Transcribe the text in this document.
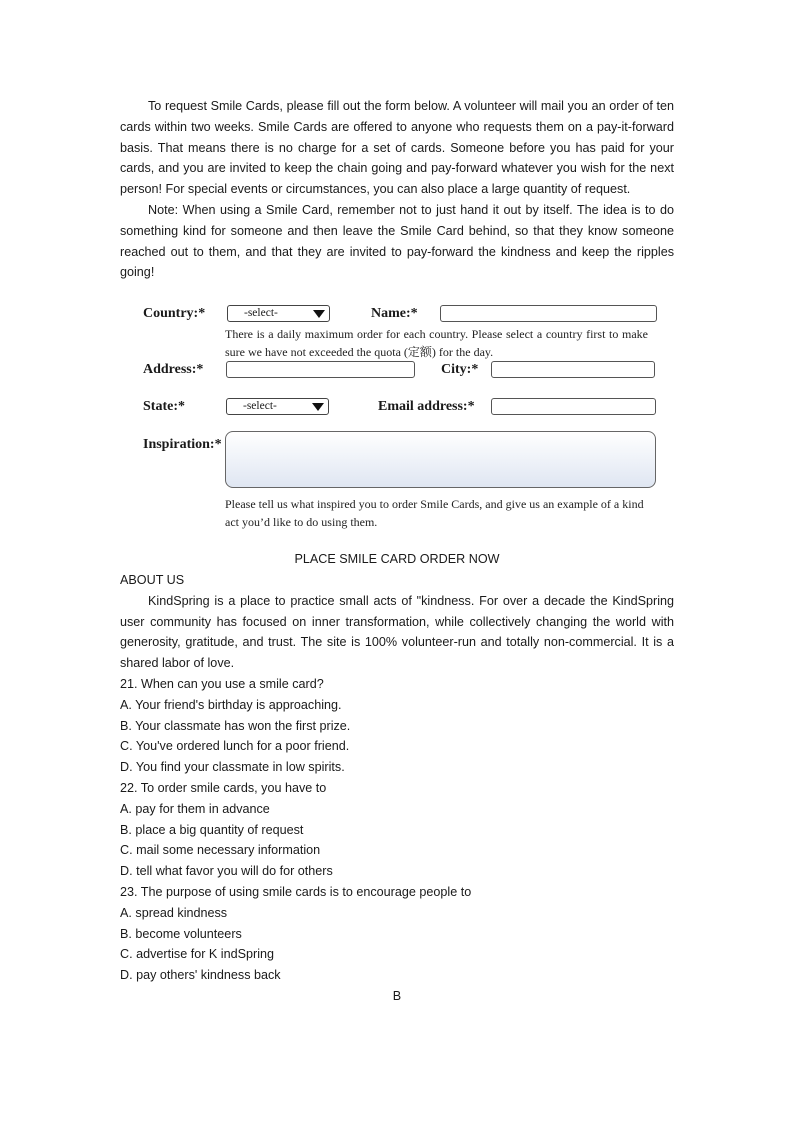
To request Smile Cards, please fill out the form below. A volunteer will mail you an order of ten cards within two weeks. Smile Cards are offered to anyone who requests them on a pay-it-forward basis. That means there is no charge for a set of cards. Someone before you has paid for your cards, and you are invited to keep the chain going and pay-forward whatever you wish for the next person! For special events or circumstances, you can also place a large quantity of request.

Note: When using a Smile Card, remember not to just hand it out by itself. The idea is to do something kind for someone and then leave the Smile Card behind, so that they know someone reached out to them, and that they are invited to pay-forward the kindness and keep the ripples going!

Country:*	-select-	Name:*
There is a daily maximum order for each country. Please select a country first to make sure we have not exceeded the quota (定额) for the day.
Address:*	City:*
State:*	-select-	Email address:*
Inspiration:*
Please tell us what inspired you to order Smile Cards, and give us an example of a kind act you’d like to do using them.

PLACE SMILE CARD ORDER NOW

ABOUT US

KindSpring is a place to practice small acts of "kindness. For over a decade the KindSpring user community has focused on inner transformation, while collectively changing the world with generosity, gratitude, and trust. The site is 100% volunteer-run and totally non-commercial. It is a shared labor of love.

21. When can you use a smile card?

A. Your friend's birthday is approaching.

B. Your classmate has won the first prize.

C. You've ordered lunch for a poor friend.

D. You find your classmate in low spirits.

22. To order smile cards, you have to

A. pay for them in advance

B. place a big quantity of request

C. mail some necessary information

D. tell what favor you will do for others

23. The purpose of using smile cards is to encourage people to

A. spread kindness

B. become volunteers

C. advertise for K indSpring

D. pay others' kindness back

B
